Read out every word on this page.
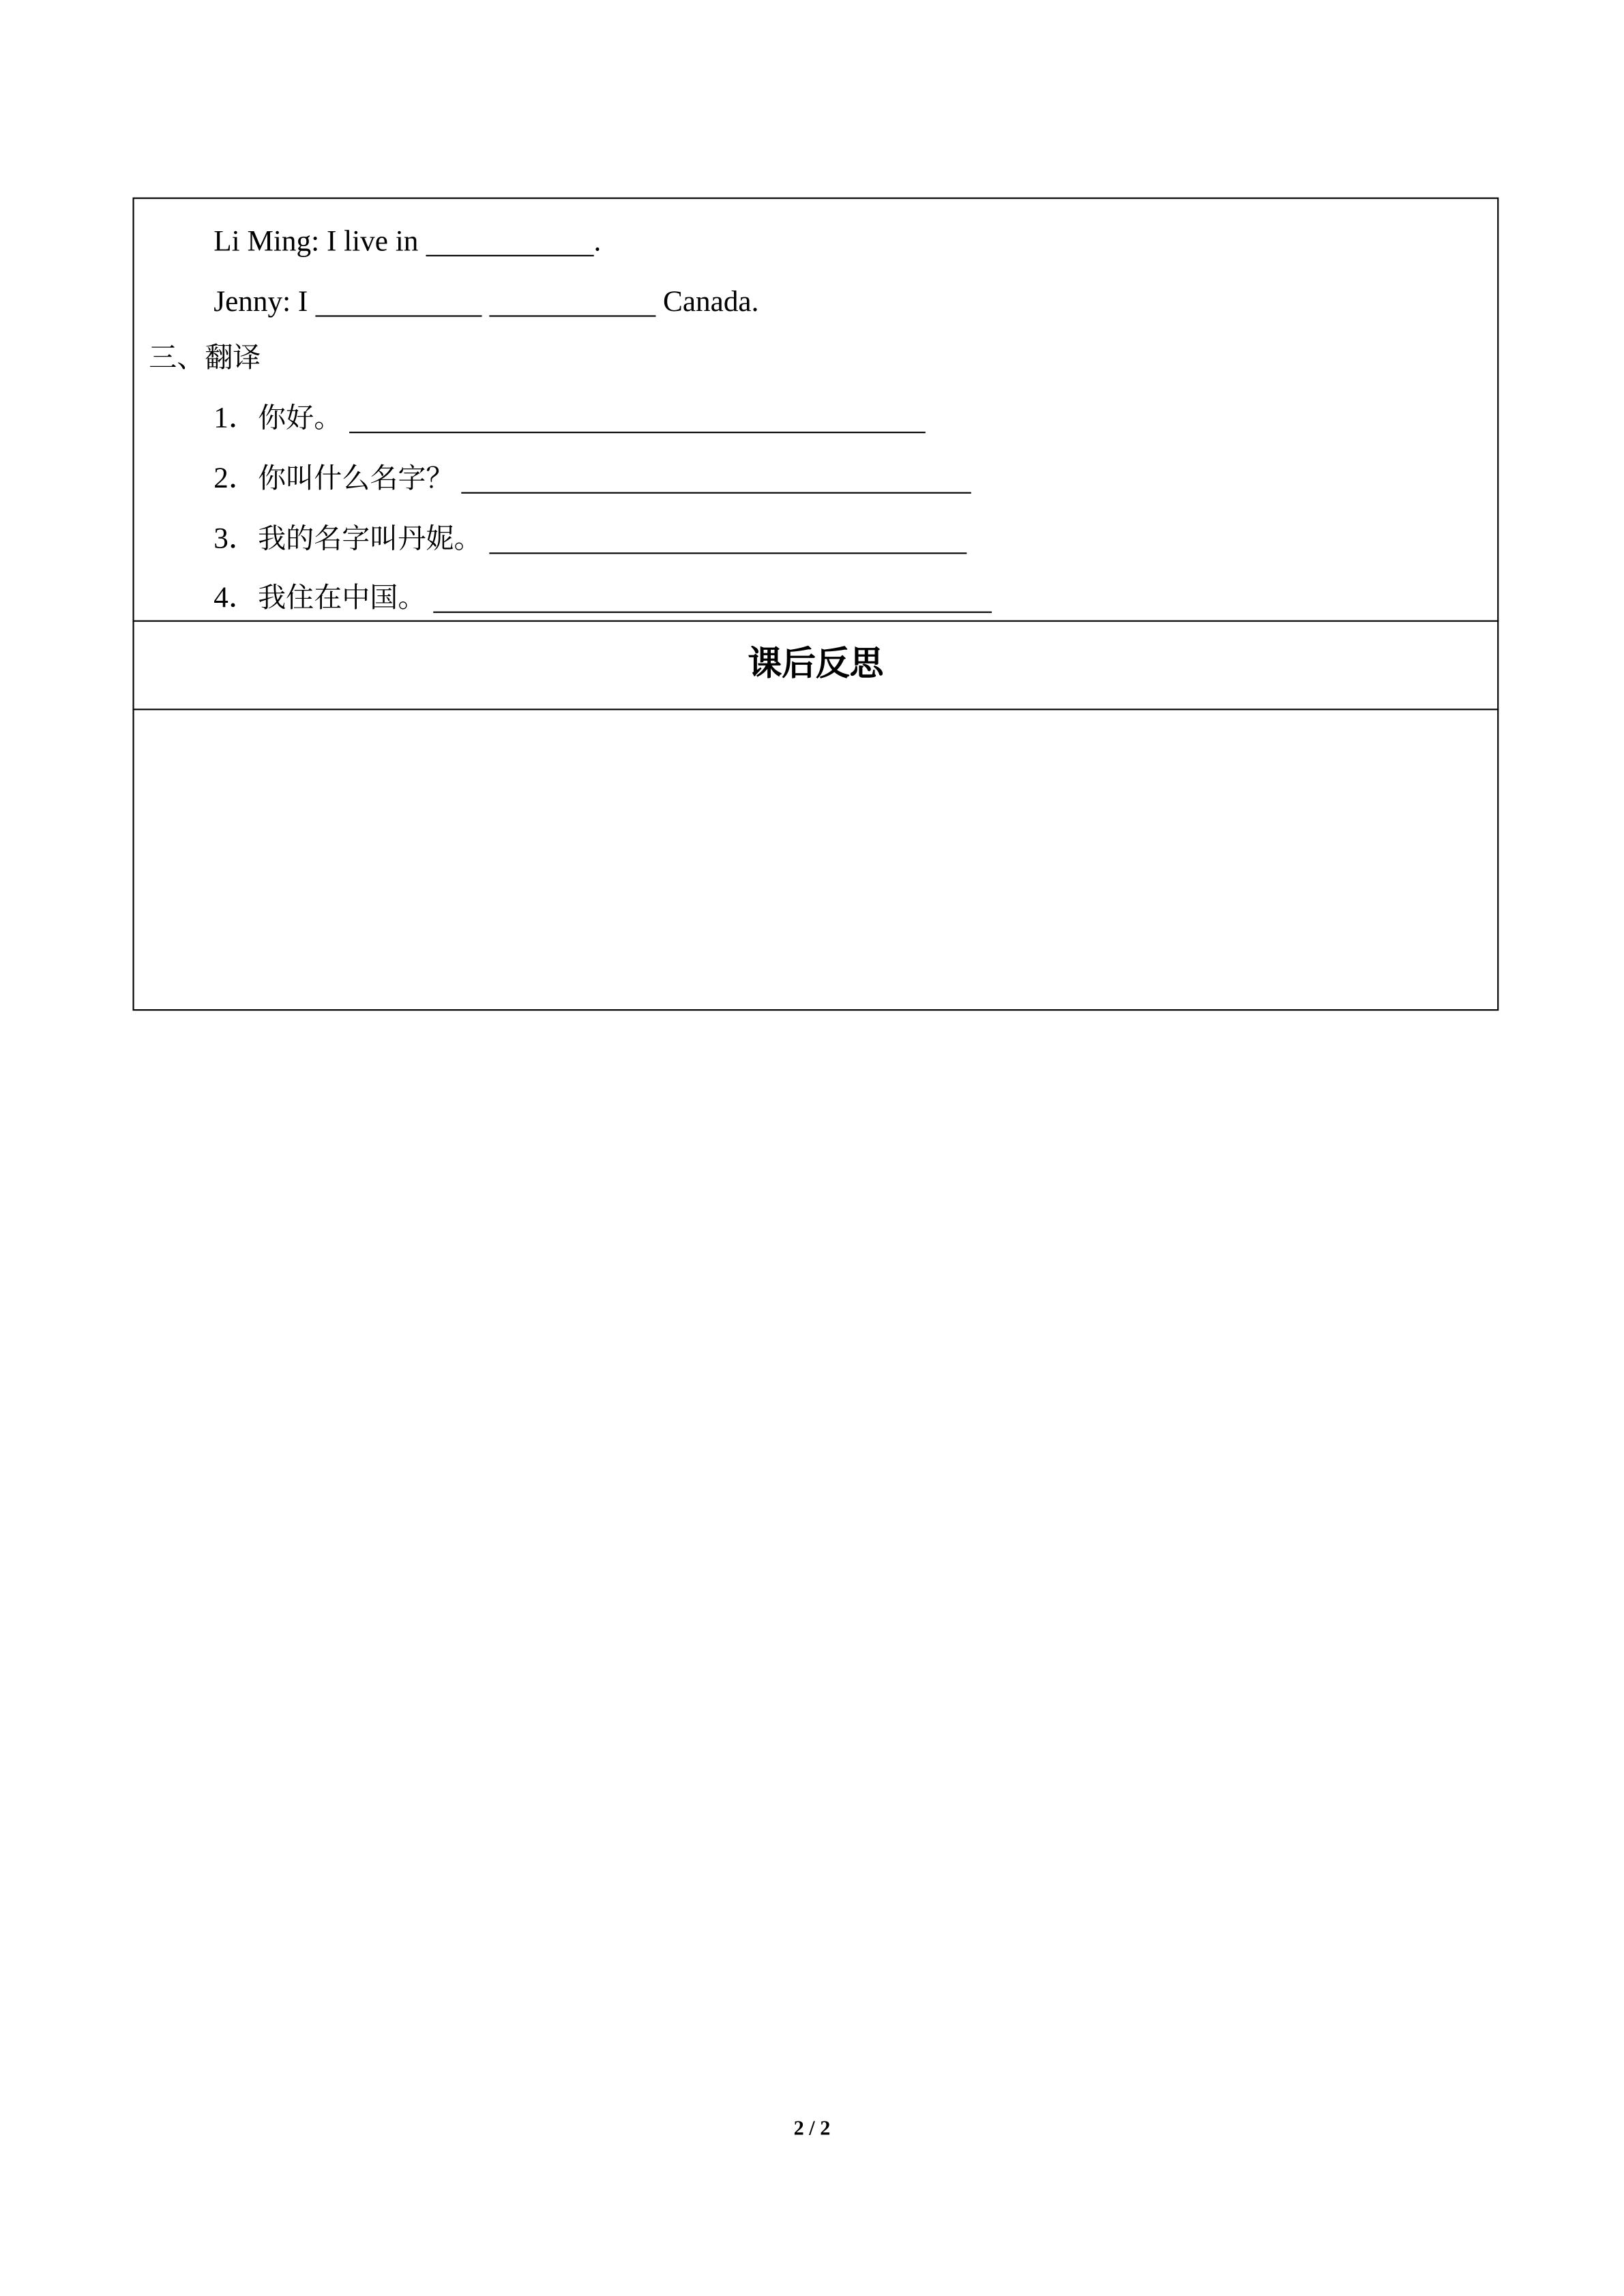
Li Ming: I live in	.
Jenny: I	Canada.
三、翻译
1．你好。
2．你叫什么名字？
3．我的名字叫丹妮。
4．我住在中国。
课后反思
2 / 2
